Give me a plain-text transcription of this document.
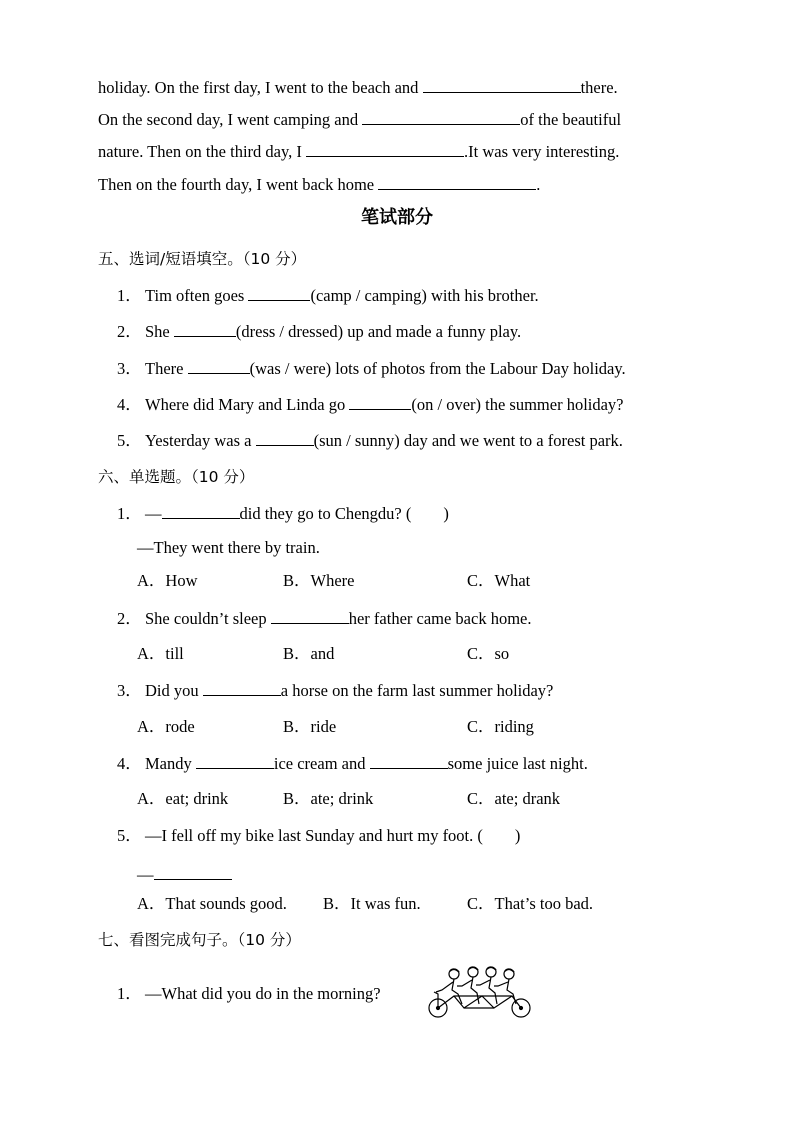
holiday. On the first day, I went to the beach and	there.
On the second day, I went camping and	of the beautiful
nature. Then on the third day, I	.It was very interesting.
Then on the fourth day, I went back home	.
笔试部分
五、选词/短语填空。（10 分）
1． Tim often goes	(camp / camping) with his brother.
2． She	(dress / dressed) up and made a funny play.
3． There	(was / were) lots of photos from the Labour Day holiday.
4． Where did Mary and Linda go	(on / over) the summer holiday?
5． Yesterday was a	(sun / sunny) day and we went to a forest park.
六、单选题。（10 分）
1． —	did they go to Chengdu? ( )
—They went there by train.
A．How	B．Where	C．What
2． She couldn’t sleep	her father came back home.
A．till	B．and	C．so
3． Did you	a horse on the farm last summer holiday?
A．rode	B．ride	C．riding
4． Mandy	ice cream and	some juice last night.
A．eat; drink	B．ate; drink	C．ate; drank
5． —I fell off my bike last Sunday and hurt my foot. ( )
—
A．That sounds good. B．It was fun.	C．That’s too bad.
七、看图完成句子。（10 分）
1． —What did you do in the morning?
